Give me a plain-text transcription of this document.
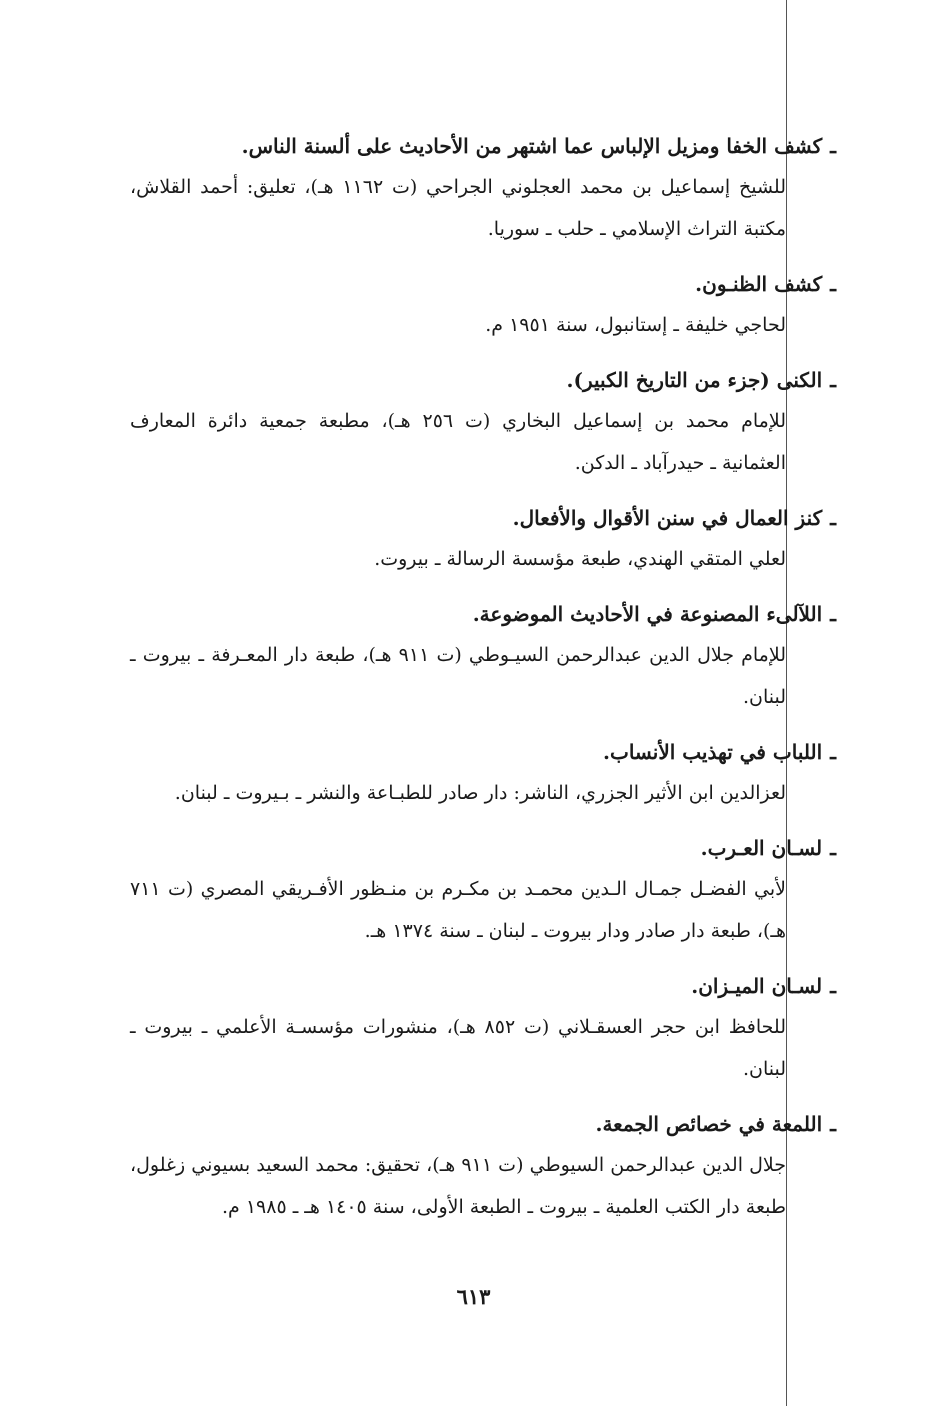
ـكشف الخفا ومزيل الإلباس عما اشتهر من الأحاديث على ألسنة الناس.
للشيخ إسماعيل بن محمد العجلوني الجراحي (ت ١١٦٢ هـ)، تعليق: أحمد القلاش، مكتبة التراث الإسلامي ـ حلب ـ سوريا.
ـكشف الظنـون.
لحاجي خليفة ـ إستانبول، سنة ١٩٥١ م.
ـالكنى (جزء من التاريخ الكبير).
للإمام محمد بن إسماعيل البخاري (ت ٢٥٦ هـ)، مطبعة جمعية دائرة المعارف العثمانية ـ حيدرآباد ـ الدكن.
ـكنز العمال في سنن الأقوال والأفعال.
لعلي المتقي الهندي، طبعة مؤسسة الرسالة ـ بيروت.
ـاللآلىء المصنوعة في الأحاديث الموضوعة.
للإمام جلال الدين عبدالرحمن السيـوطي (ت ٩١١ هـ)، طبعة دار المعـرفة ـ بيروت ـ لبنان.
ـاللباب في تهذيب الأنساب.
لعزالدين ابن الأثير الجزري، الناشر: دار صادر للطبـاعة والنشر ـ بـيروت ـ لبنان.
ـلسـان العـرب.
لأبي الفضـل جمـال الـدين محمـد بن مكـرم بن منـظور الأفـريقي المصري (ت ٧١١ هـ)، طبعة دار صادر ودار بيروت ـ لبنان ـ سنة ١٣٧٤ هـ.
ـلسـان الميـزان.
للحافظ ابن حجر العسقـلاني (ت ٨٥٢ هـ)، منشورات مؤسسـة الأعلمي ـ بيروت ـ لبنان.
ـاللمعة في خصائص الجمعة.
جلال الدين عبدالرحمن السيوطي (ت ٩١١ هـ)، تحقيق: محمد السعيد بسيوني زغلول، طبعة دار الكتب العلمية ـ بيروت ـ الطبعة الأولى، سنة ١٤٠٥ هـ ـ ١٩٨٥ م.
٦١٣
